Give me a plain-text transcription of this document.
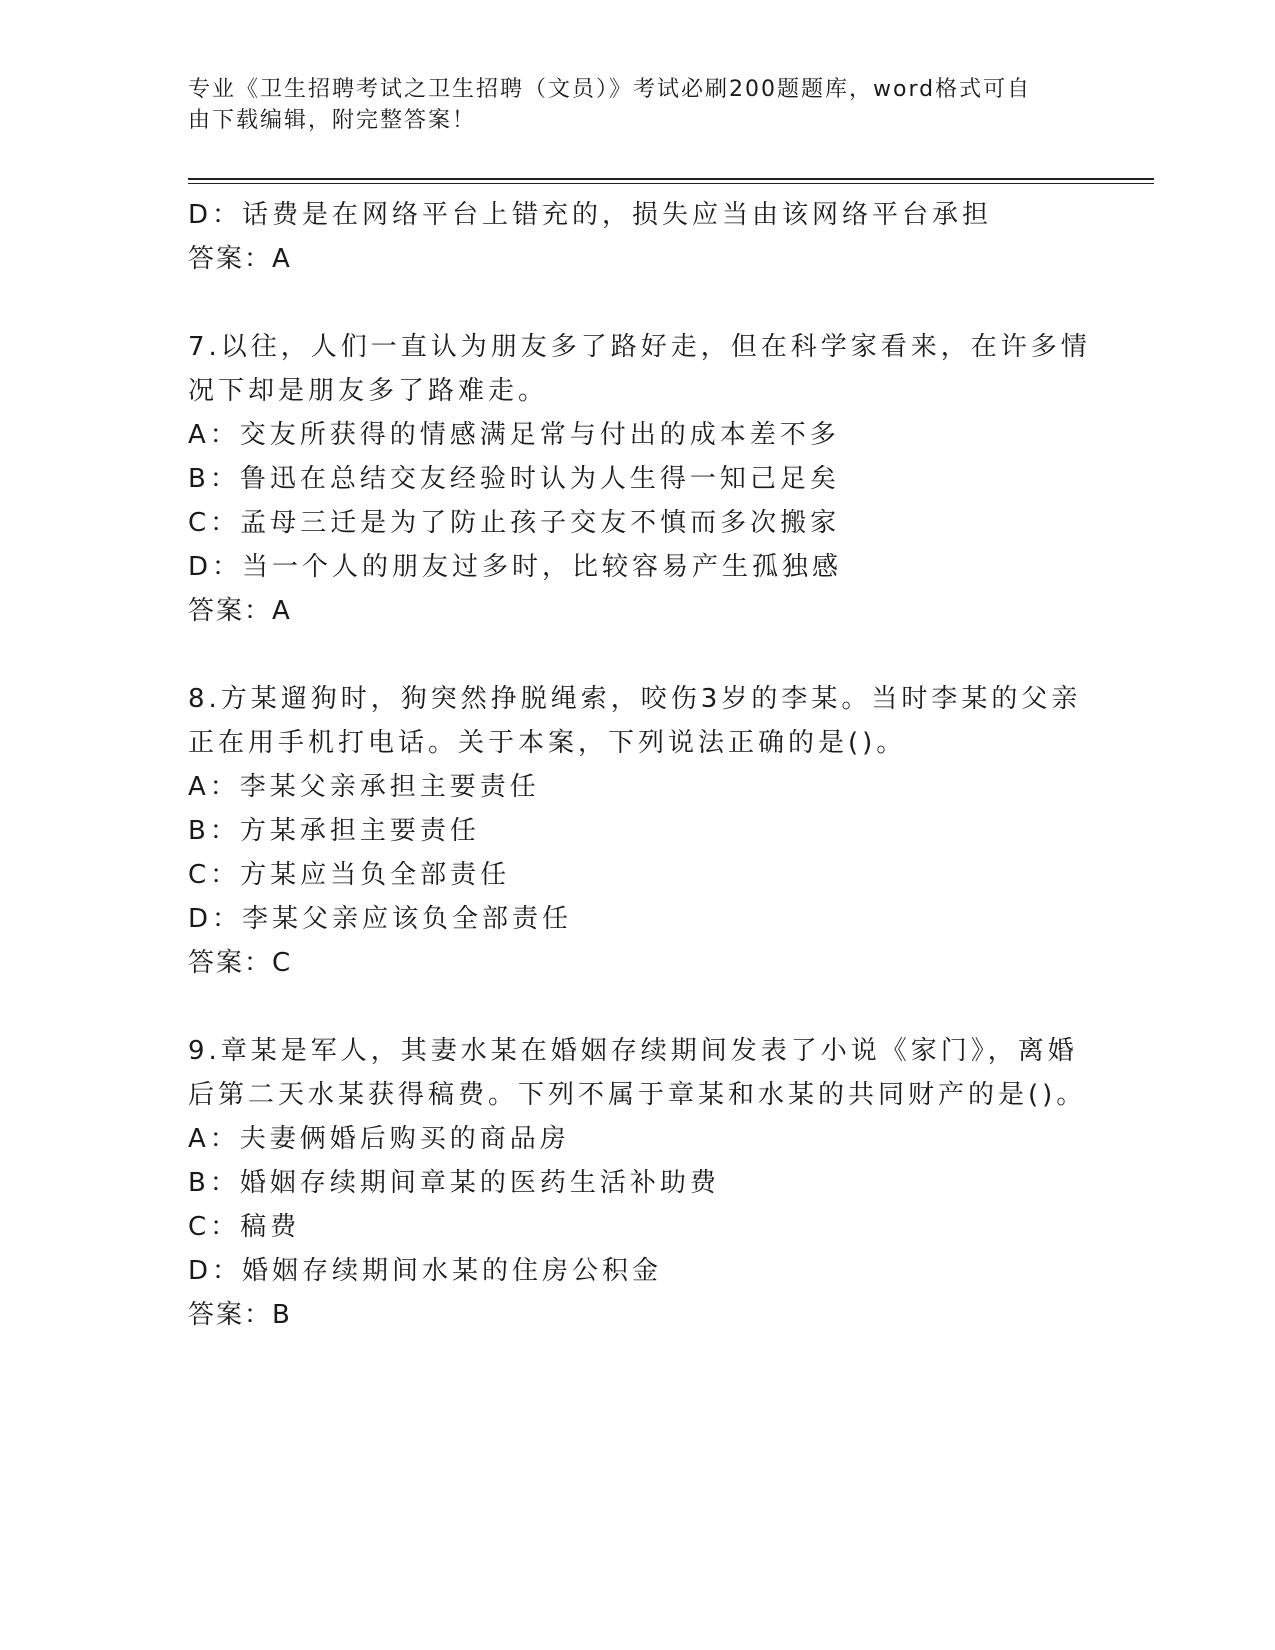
专业《卫生招聘考试之卫生招聘（文员）》考试必刷200题题库，word格式可自
由下载编辑，附完整答案！
D：话费是在网络平台上错充的，损失应当由该网络平台承担
答案：A
7.以往，人们一直认为朋友多了路好走，但在科学家看来，在许多情
况下却是朋友多了路难走。
A：交友所获得的情感满足常与付出的成本差不多
B：鲁迅在总结交友经验时认为人生得一知己足矣
C：孟母三迁是为了防止孩子交友不慎而多次搬家
D：当一个人的朋友过多时，比较容易产生孤独感
答案：A
8.方某遛狗时，狗突然挣脱绳索，咬伤3岁的李某。当时李某的父亲
正在用手机打电话。关于本案，下列说法正确的是()。
A：李某父亲承担主要责任
B：方某承担主要责任
C：方某应当负全部责任
D：李某父亲应该负全部责任
答案：C
9.章某是军人，其妻水某在婚姻存续期间发表了小说《家门》，离婚
后第二天水某获得稿费。下列不属于章某和水某的共同财产的是()。
A：夫妻俩婚后购买的商品房
B：婚姻存续期间章某的医药生活补助费
C：稿费
D：婚姻存续期间水某的住房公积金
答案：B
